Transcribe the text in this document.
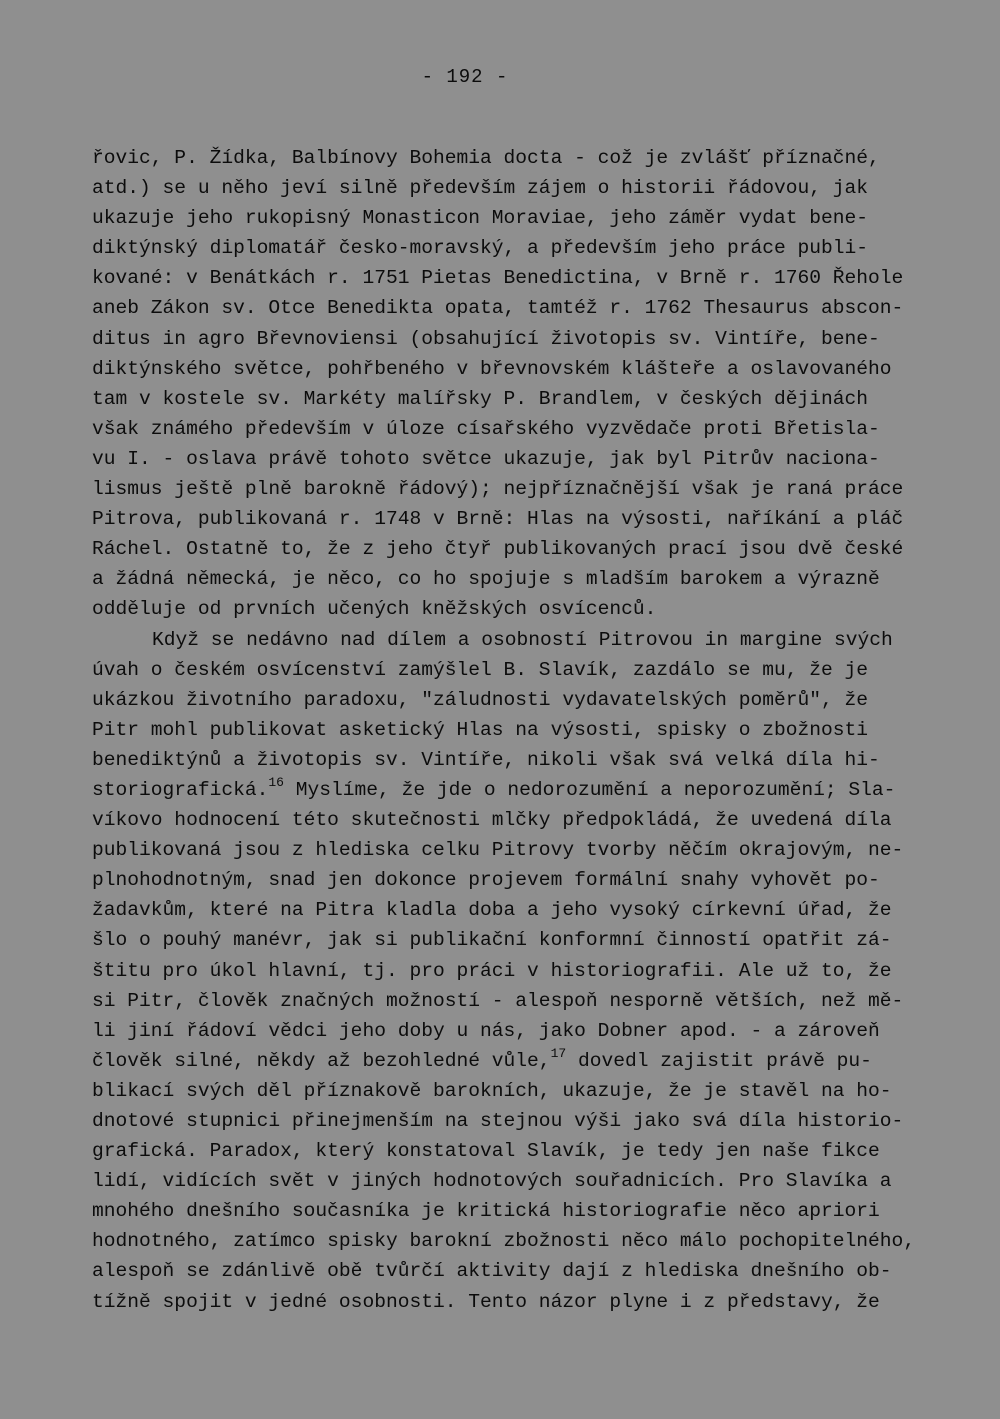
- 192 -
řovic, P. Žídka, Balbínovy Bohemia docta - což je zvlášť příznačné,
atd.) se u něho jeví silně především zájem o historii řádovou, jak
ukazuje jeho rukopisný Monasticon Moraviae, jeho záměr vydat bene-
diktýnský diplomatář česko-moravský, a především jeho práce publi-
kované: v Benátkách r. 1751 Pietas Benedictina, v Brně r. 1760 Řehole
aneb Zákon sv. Otce Benedikta opata, tamtéž r. 1762 Thesaurus abscon-
ditus in agro Břevnoviensi (obsahující životopis sv. Vintíře, bene-
diktýnského světce, pohřbeného v břevnovském klášteře a oslavovaného
tam v kostele sv. Markéty malířsky P. Brandlem, v českých dějinách
však známého především v úloze císařského vyzvědače proti Břetisla-
vu I. - oslava právě tohoto světce ukazuje, jak byl Pitrův naciona-
lismus ještě plně barokně řádový); nejpříznačnější však je raná práce
Pitrova, publikovaná r. 1748 v Brně: Hlas na výsosti, naříkání a pláč
Ráchel. Ostatně to, že z jeho čtyř publikovaných prací jsou dvě české
a žádná německá, je něco, co ho spojuje s mladším barokem a výrazně
odděluje od prvních učených kněžských osvícenců.
Když se nedávno nad dílem a osobností Pitrovou in margine svých
úvah o českém osvícenství zamýšlel B. Slavík, zazdálo se mu, že je
ukázkou životního paradoxu, "záludnosti vydavatelských poměrů", že
Pitr mohl publikovat asketický Hlas na výsosti, spisky o zbožnosti
benediktýnů a životopis sv. Vintíře, nikoli však svá velká díla hi-
storiografická.$^{16}$ Myslíme, že jde o nedorozumění a neporozumění; Sla-
víkovo hodnocení této skutečnosti mlčky předpokládá, že uvedená díla
publikovaná jsou z hlediska celku Pitrovy tvorby něčím okrajovým, ne-
plnohodnotným, snad jen dokonce projevem formální snahy vyhovět po-
žadavkům, které na Pitra kladla doba a jeho vysoký církevní úřad, že
šlo o pouhý manévr, jak si publikační konformní činností opatřit zá-
štitu pro úkol hlavní, tj. pro práci v historiografii. Ale už to, že
si Pitr, člověk značných možností - alespoň nesporně větších, než mě-
li jiní řádoví vědci jeho doby u nás, jako Dobner apod. - a zároveň
člověk silné, někdy až bezohledné vůle,$^{17}$ dovedl zajistit právě pu-
blikací svých děl příznakově barokních, ukazuje, že je stavěl na ho-
dnotové stupnici přinejmenším na stejnou výši jako svá díla historio-
grafická. Paradox, který konstatoval Slavík, je tedy jen naše fikce
lidí, vidících svět v jiných hodnotových souřadnicích. Pro Slavíka a
mnohého dnešního současníka je kritická historiografie něco apriori
hodnotného, zatímco spisky barokní zbožnosti něco málo pochopitelného,
alespoň se zdánlivě obě tvůrčí aktivity dají z hlediska dnešního ob-
tížně spojit v jedné osobnosti. Tento názor plyne i z představy, že
